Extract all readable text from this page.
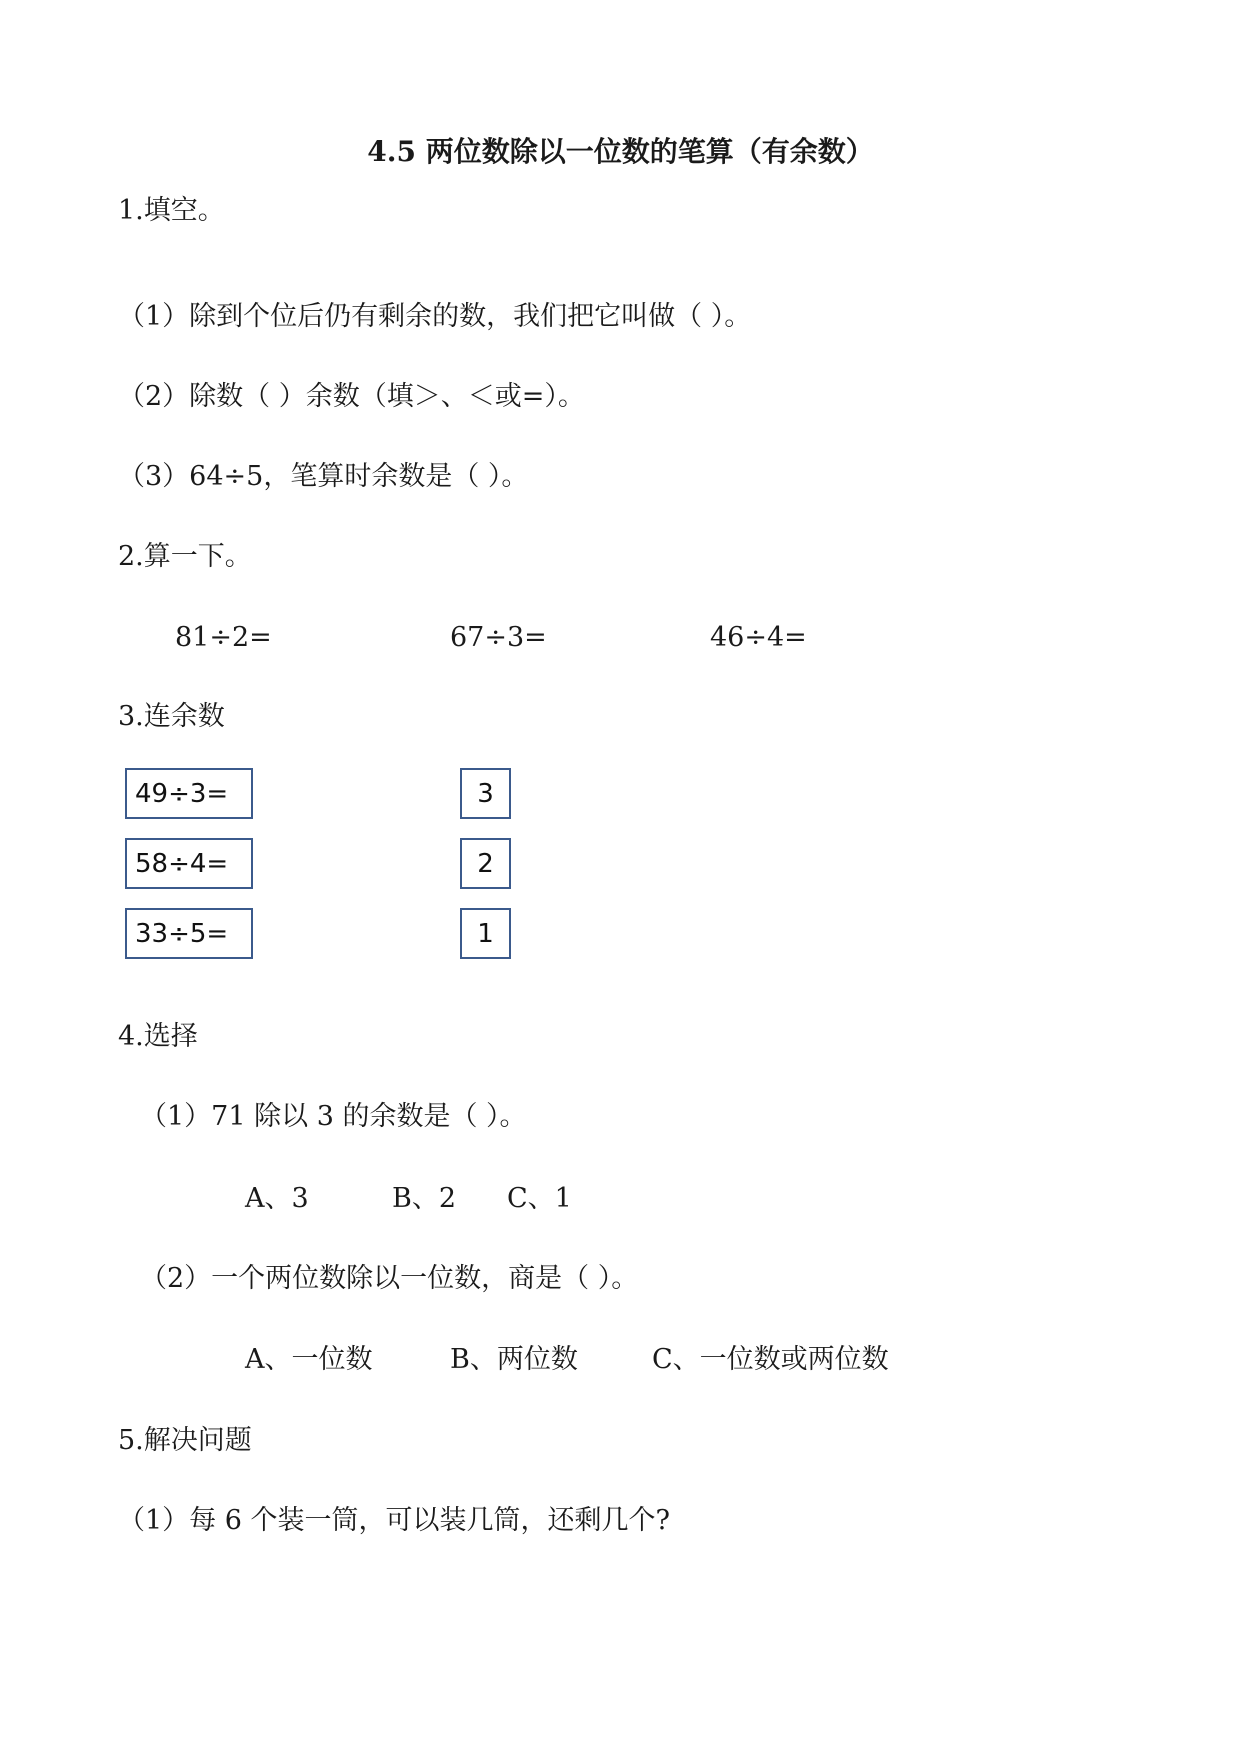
4.5 两位数除以一位数的笔算（有余数）
1.填空。
（1）除到个位后仍有剩余的数，我们把它叫做（ ）。
（2）除数（ ）余数（填＞、＜或=）。
（3）64÷5，笔算时余数是（ ）。
2.算一下。
81÷2=	67÷3=	46÷4=
3.连余数
49÷3=
58÷4=
33÷5=
3
2
1
4.选择
（1）71 除以 3 的余数是（ ）。
A、3	B、2 C、1
（2）一个两位数除以一位数，商是（ ）。
A、一位数	B、两位数	C、一位数或两位数
5.解决问题
（1）每 6 个装一筒，可以装几筒，还剩几个?
